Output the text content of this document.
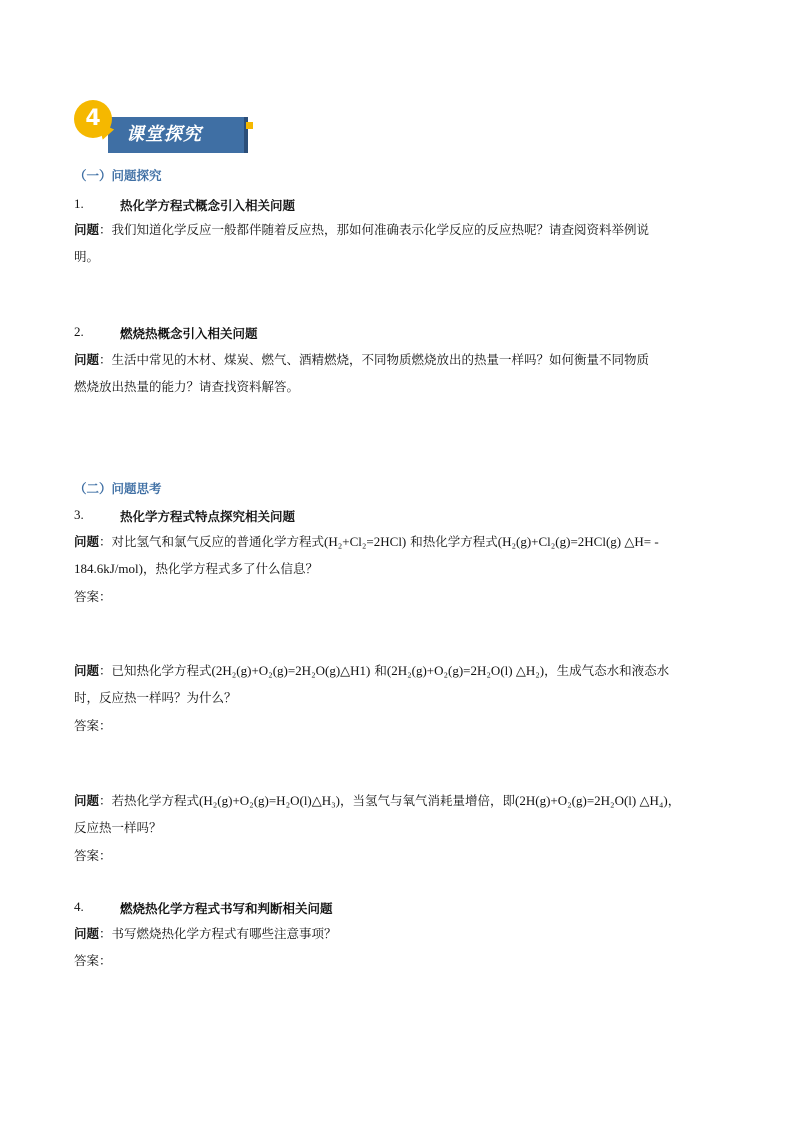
4
课堂探究
（一）问题探究
1.	热化学方程式概念引入相关问题
问题：我们知道化学反应一般都伴随着反应热，那如何准确表示化学反应的反应热呢？请查阅资料举例说
明。
2.	燃烧热概念引入相关问题
问题：生活中常见的木材、煤炭、燃气、酒精燃烧，不同物质燃烧放出的热量一样吗？如何衡量不同物质
燃烧放出热量的能力？请查找资料解答。
（二）问题思考
3.	热化学方程式特点探究相关问题
问题：对比氢气和氯气反应的普通化学方程式(H₂+Cl₂=2HCl) 和热化学方程式(H₂(g)+Cl₂(g)=2HCl(g) △H= -
184.6kJ/mol)，热化学方程式多了什么信息？
答案：
问题：已知热化学方程式(2H₂(g)+O₂(g)=2H₂O(g)△H1) 和(2H₂(g)+O₂(g)=2H₂O(l) △H₂)，生成气态水和液态水
时，反应热一样吗？为什么？
答案：
问题：若热化学方程式(H₂(g)+O₂(g)=H₂O(l)△H₃)，当氢气与氧气消耗量增倍，即(2H(g)+O₂(g)=2H₂O(l) △H₄)，
反应热一样吗？
答案：
4.	燃烧热化学方程式书写和判断相关问题
问题：书写燃烧热化学方程式有哪些注意事项？
答案：
